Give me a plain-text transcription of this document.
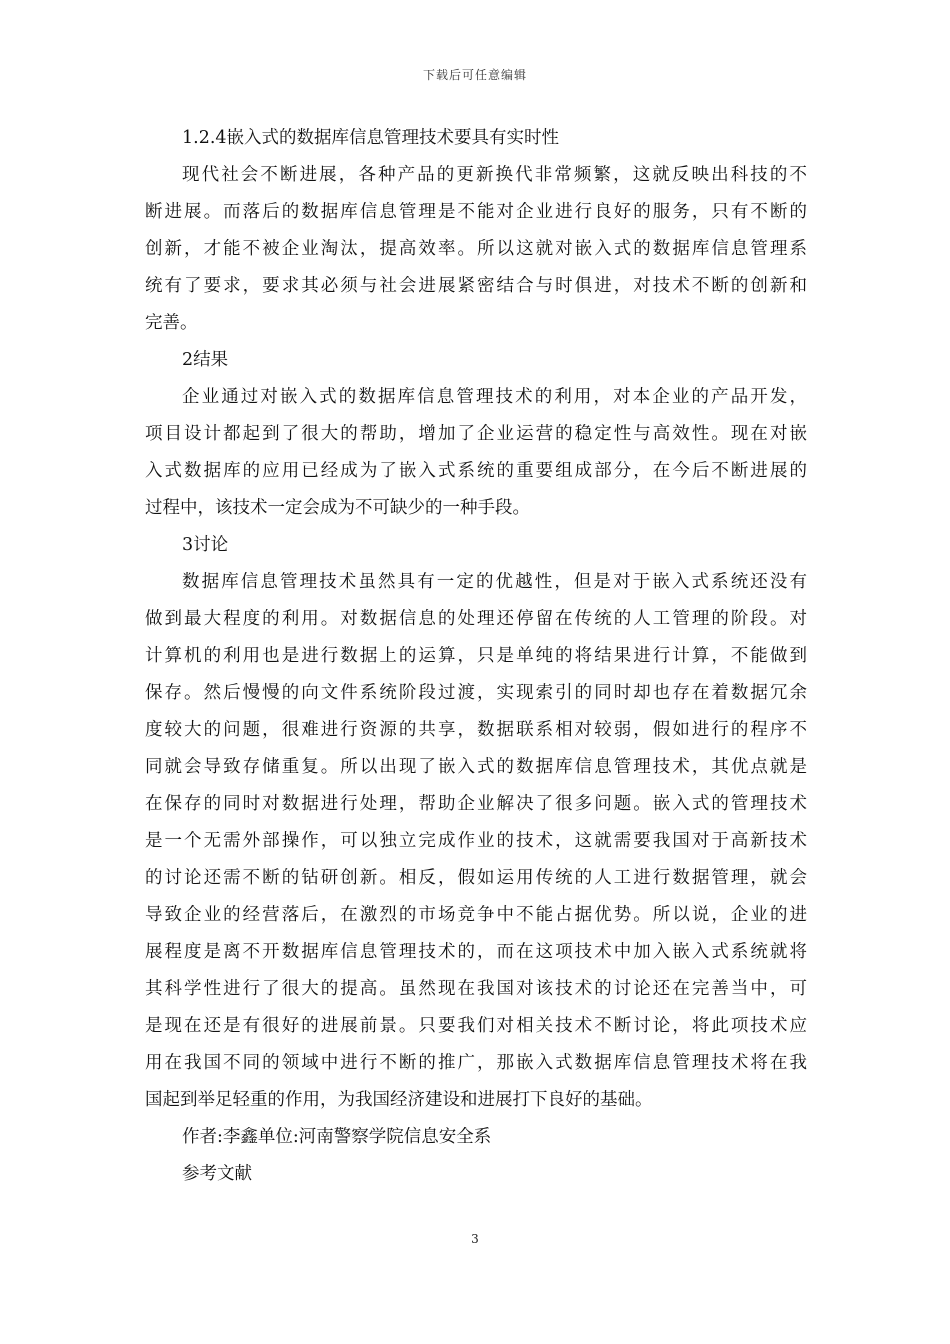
下载后可任意编辑
1.2.4嵌入式的数据库信息管理技术要具有实时性
现代社会不断进展，各种产品的更新换代非常频繁，这就反映出科技的不
断进展。而落后的数据库信息管理是不能对企业进行良好的服务，只有不断的
创新，才能不被企业淘汰，提高效率。所以这就对嵌入式的数据库信息管理系
统有了要求，要求其必须与社会进展紧密结合与时俱进，对技术不断的创新和
完善。
2结果
企业通过对嵌入式的数据库信息管理技术的利用，对本企业的产品开发，
项目设计都起到了很大的帮助，增加了企业运营的稳定性与高效性。现在对嵌
入式数据库的应用已经成为了嵌入式系统的重要组成部分，在今后不断进展的
过程中，该技术一定会成为不可缺少的一种手段。
3讨论
数据库信息管理技术虽然具有一定的优越性，但是对于嵌入式系统还没有
做到最大程度的利用。对数据信息的处理还停留在传统的人工管理的阶段。对
计算机的利用也是进行数据上的运算，只是单纯的将结果进行计算，不能做到
保存。然后慢慢的向文件系统阶段过渡，实现索引的同时却也存在着数据冗余
度较大的问题，很难进行资源的共享，数据联系相对较弱，假如进行的程序不
同就会导致存储重复。所以出现了嵌入式的数据库信息管理技术，其优点就是
在保存的同时对数据进行处理，帮助企业解决了很多问题。嵌入式的管理技术
是一个无需外部操作，可以独立完成作业的技术，这就需要我国对于高新技术
的讨论还需不断的钻研创新。相反，假如运用传统的人工进行数据管理，就会
导致企业的经营落后，在激烈的市场竞争中不能占据优势。所以说，企业的进
展程度是离不开数据库信息管理技术的，而在这项技术中加入嵌入式系统就将
其科学性进行了很大的提高。虽然现在我国对该技术的讨论还在完善当中，可
是现在还是有很好的进展前景。只要我们对相关技术不断讨论，将此项技术应
用在我国不同的领域中进行不断的推广，那嵌入式数据库信息管理技术将在我
国起到举足轻重的作用，为我国经济建设和进展打下良好的基础。
作者:李鑫单位:河南警察学院信息安全系
参考文献
3
